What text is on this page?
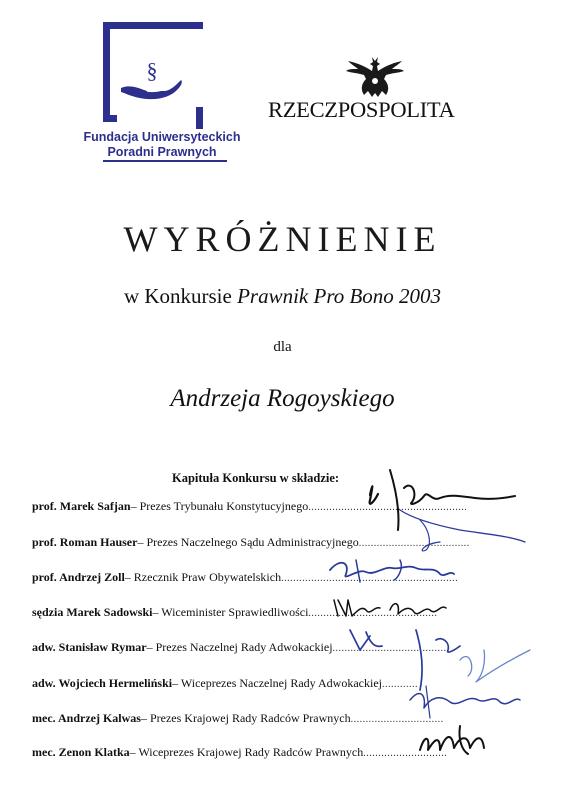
§
Fundacja Uniwersyteckich
Poradni Prawnych
RZECZPOSPOLITA
WYRÓŻNIENIE
w Konkursie Prawnik Pro Bono 2003
dla
Andrzeja Rogoyskiego
Kapituła Konkursu w składzie:
prof. Marek Safjan – Prezes Trybunału Konstytucyjnego .....................................................
prof. Roman Hauser – Prezes Naczelnego Sądu Administracyjnego .....................................
prof. Andrzej Zoll – Rzecznik Praw Obywatelskich ...........................................................
sędzia Marek Sadowski – Wiceminister Sprawiedliwości ...........................................
adw. Stanisław Rymar – Prezes Naczelnej Rady Adwokackiej ......................................
adw. Wojciech Hermeliński – Wiceprezes Naczelnej Rady Adwokackiej ............
mec. Andrzej Kalwas – Prezes Krajowej Rady Radców Prawnych ...............................
mec. Zenon Klatka – Wiceprezes Krajowej Rady Radców Prawnych ............................
